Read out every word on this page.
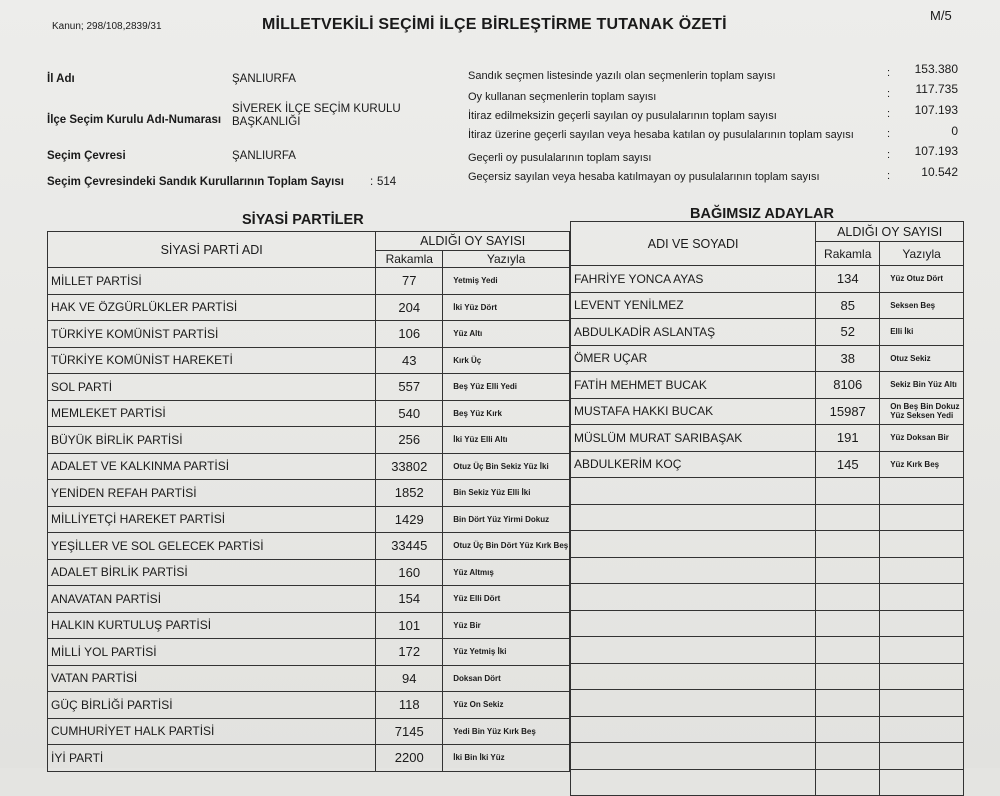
Kanun; 298/108,2839/31	MİLLETVEKİLİ SEÇİMİ İLÇE BİRLEŞTİRME TUTANAK ÖZETİ
M/5
İl Adı	ŞANLIURFA
İlçe Seçim Kurulu Adı-Numarası
SİVEREK İLÇE SEÇİM KURULU
BAŞKANLIĞI
Seçim Çevresi	ŞANLIURFA
Seçim Çevresindeki Sandık Kurullarının Toplam Sayısı : 514
Sandık seçmen listesinde yazılı olan seçmenlerin toplam sayısı	:	153.380
Oy kullanan seçmenlerin toplam sayısı	:	117.735
İtiraz edilmeksizin geçerli sayılan oy pusulalarının toplam sayısı	:	107.193
İtiraz üzerine geçerli sayılan veya hesaba katılan oy pusulalarının toplam sayısı	:	0
Geçerli oy pusulalarının toplam sayısı	:	107.193
Geçersiz sayılan veya hesaba katılmayan oy pusulalarının toplam sayısı	:	10.542
SİYASİ PARTİLER	BAĞIMSIZ ADAYLAR
SİYASİ PARTİ ADI	ALDIĞI OY SAYISI	
	Rakamla	Yazıyla
MİLLET PARTİSİ	77	Yetmiş Yedi
HAK VE ÖZGÜRLÜKLER PARTİSİ	204	İki Yüz Dört
TÜRKİYE KOMÜNİST PARTİSİ	106	Yüz Altı
TÜRKİYE KOMÜNİST HAREKETİ	43	Kırk Üç
SOL PARTİ	557	Beş Yüz Elli Yedi
MEMLEKET PARTİSİ	540	Beş Yüz Kırk
BÜYÜK BİRLİK PARTİSİ	256	İki Yüz Elli Altı
ADALET VE KALKINMA PARTİSİ	33802	Otuz Üç Bin Sekiz Yüz İki
YENİDEN REFAH PARTİSİ	1852	Bin Sekiz Yüz Elli İki
MİLLİYETÇİ HAREKET PARTİSİ	1429	Bin Dört Yüz Yirmi Dokuz
YEŞİLLER VE SOL GELECEK PARTİSİ	33445	Otuz Üç Bin Dört Yüz Kırk Beş
ADALET BİRLİK PARTİSİ	160	Yüz Altmış
ANAVATAN PARTİSİ	154	Yüz Elli Dört
HALKIN KURTULUŞ PARTİSİ	101	Yüz Bir
MİLLİ YOL PARTİSİ	172	Yüz Yetmiş İki
VATAN PARTİSİ	94	Doksan Dört
GÜÇ BİRLİĞİ PARTİSİ	118	Yüz On Sekiz
CUMHURİYET HALK PARTİSİ	7145	Yedi Bin Yüz Kırk Beş
İYİ PARTİ	2200	İki Bin İki Yüz
ADI VE SOYADI	ALDIĞI OY SAYISI	
	Rakamla	Yazıyla
FAHRİYE YONCA AYAS	134	Yüz Otuz Dört
LEVENT YENİLMEZ	85	Seksen Beş
ABDULKADİR ASLANTAŞ	52	Elli İki
ÖMER UÇAR	38	Otuz Sekiz
FATİH MEHMET BUCAK	8106	Sekiz Bin Yüz Altı
MUSTAFA HAKKI BUCAK	15987	On Beş Bin Dokuz Yüz Seksen Yedi
MÜSLÜM MURAT SARIBAŞAK	191	Yüz Doksan Bir
ABDULKERİM KOÇ	145	Yüz Kırk Beş
